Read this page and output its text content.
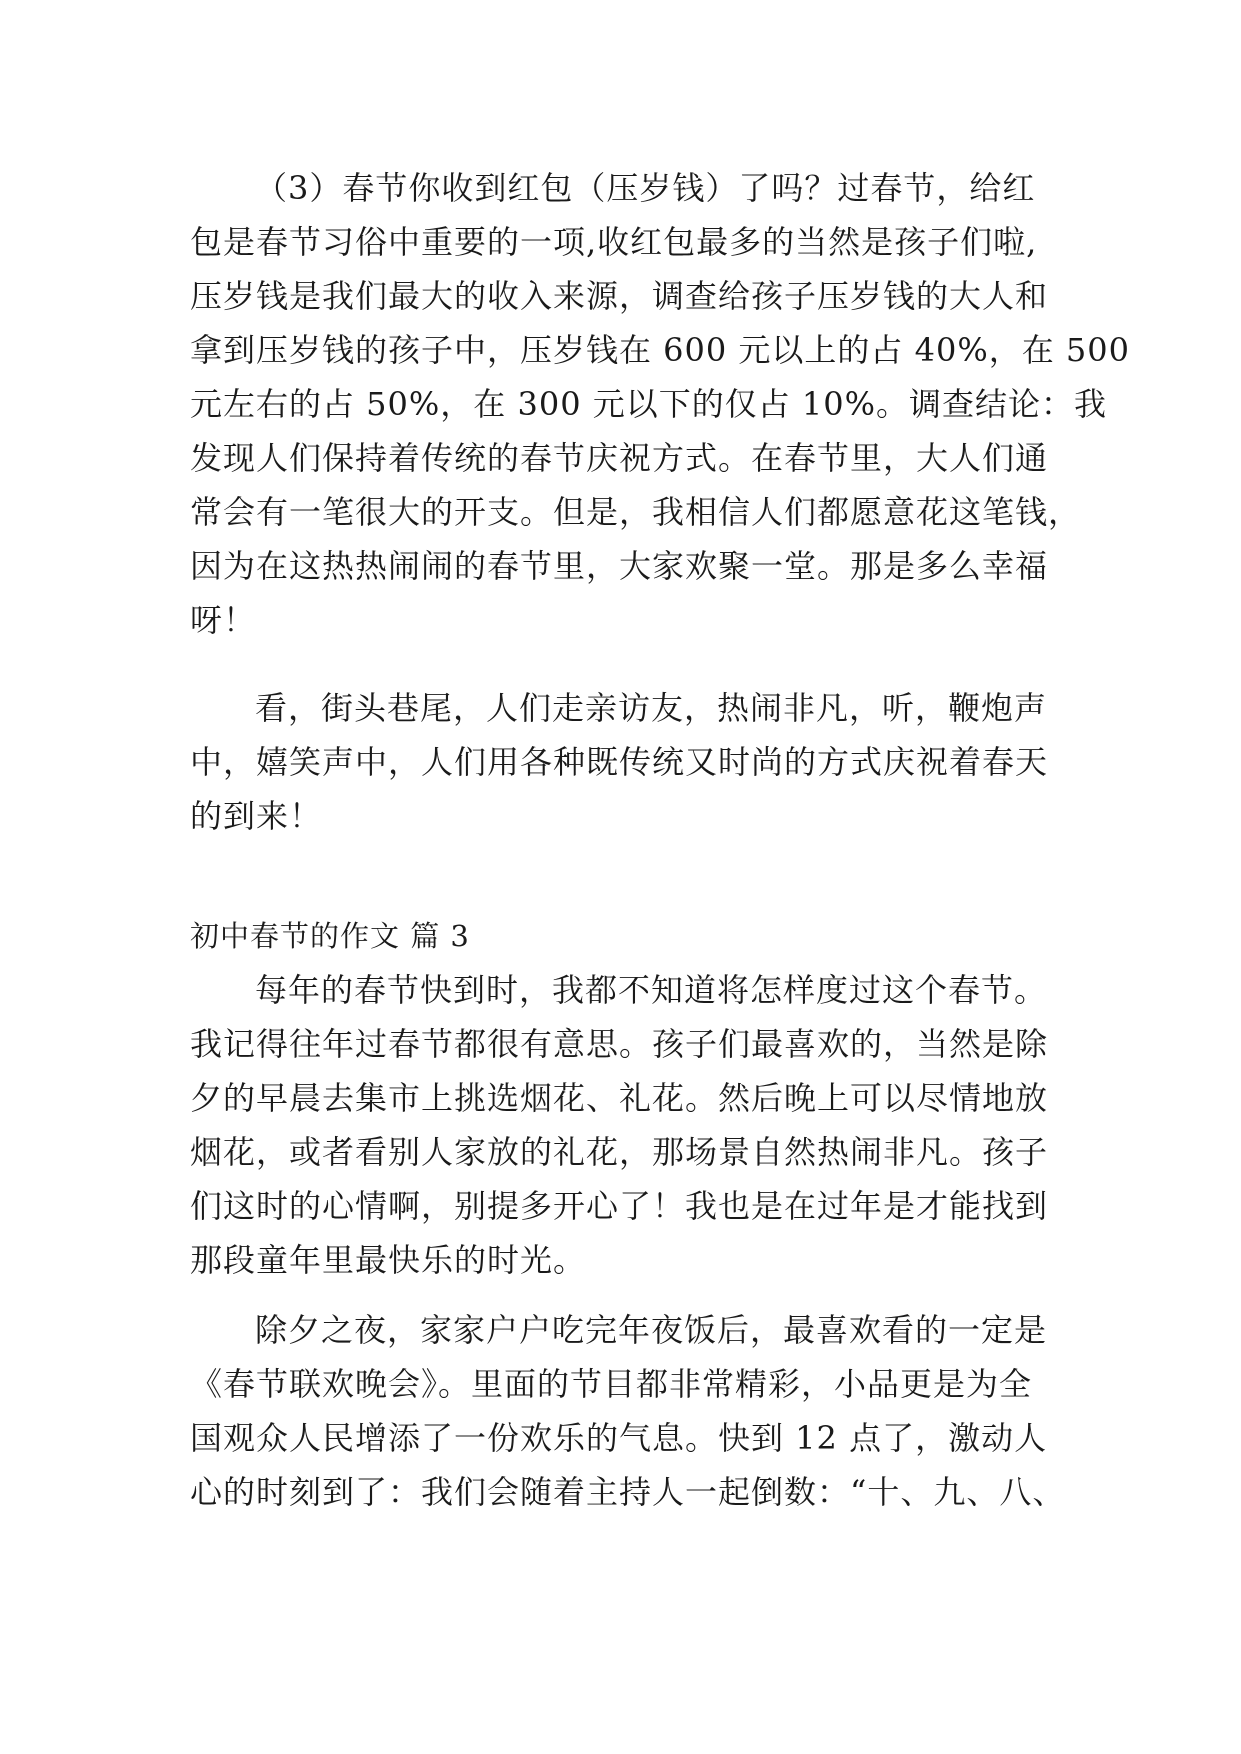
（3）春节你收到红包（压岁钱）了吗？过春节，给红
包是春节习俗中重要的一项,收红包最多的当然是孩子们啦,
压岁钱是我们最大的收入来源，调查给孩子压岁钱的大人和
拿到压岁钱的孩子中，压岁钱在 600 元以上的占 40%，在 500
元左右的占 50%，在 300 元以下的仅占 10%。调查结论：我
发现人们保持着传统的春节庆祝方式。在春节里，大人们通
常会有一笔很大的开支。但是，我相信人们都愿意花这笔钱，
因为在这热热闹闹的春节里，大家欢聚一堂。那是多么幸福
呀！
看，街头巷尾，人们走亲访友，热闹非凡，听，鞭炮声
中，嬉笑声中，人们用各种既传统又时尚的方式庆祝着春天
的到来！
初中春节的作文 篇 3
每年的春节快到时，我都不知道将怎样度过这个春节。
我记得往年过春节都很有意思。孩子们最喜欢的，当然是除
夕的早晨去集市上挑选烟花、礼花。然后晚上可以尽情地放
烟花，或者看别人家放的礼花，那场景自然热闹非凡。孩子
们这时的心情啊，别提多开心了！我也是在过年是才能找到
那段童年里最快乐的时光。
除夕之夜，家家户户吃完年夜饭后，最喜欢看的一定是
《春节联欢晚会》。里面的节目都非常精彩，小品更是为全
国观众人民增添了一份欢乐的气息。快到 12 点了，激动人
心的时刻到了：我们会随着主持人一起倒数：“十、九、八、
